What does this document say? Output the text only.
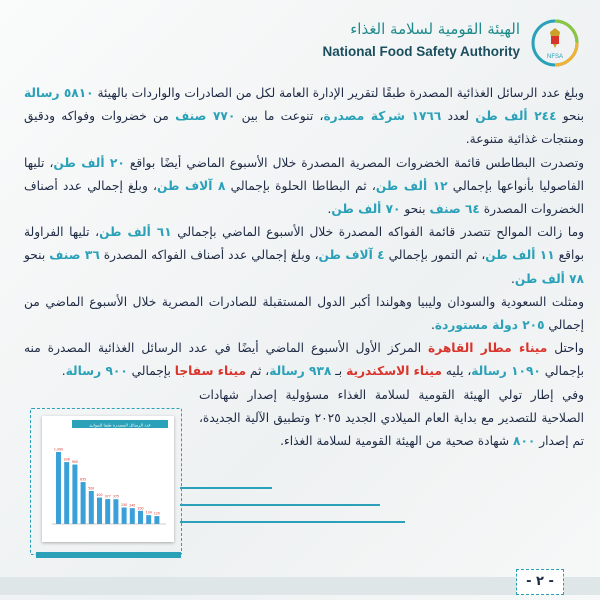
الهيئة القومية لسلامة الغذاء
National Food Safety Authority	NFSA

وبلغ عدد الرسائل الغذائية المصدرة طبقًا لتقرير الإدارة العامة لكل من الصادرات والواردات بالهيئة ٥٨١٠ رسالة بنحو ٢٤٤ ألف طن لعدد ١٧٦٦ شركة مصدرة، تنوعت ما بين ٧٧٠ صنف من خضروات وفواكه ودقيق ومنتجات غذائية متنوعة.

وتصدرت البطاطس قائمة الخضروات المصرية المصدرة خلال الأسبوع الماضي أيضًا بواقع ٢٠ ألف طن، تليها الفاصوليا بأنواعها بإجمالي ١٢ ألف طن، ثم البطاطا الحلوة بإجمالي ٨ آلاف طن، وبلغ إجمالي عدد أصناف الخضروات المصدرة ٦٤ صنف بنحو ٧٠ ألف طن.

وما زالت الموالح تتصدر قائمة الفواكه المصدرة خلال الأسبوع الماضي بإجمالي ٦١ ألف طن، تليها الفراولة بواقع ١١ ألف طن، ثم التمور بإجمالي ٤ آلاف طن، وبلغ إجمالي عدد أصناف الفواكه المصدرة ٣٦ صنف بنحو ٧٨ ألف طن.

ومثلت السعودية والسودان وليبيا وهولندا أكبر الدول المستقبلة للصادرات المصرية خلال الأسبوع الماضي من إجمالي ٢٠٥ دولة مستوردة.

واحتل ميناء مطار القاهرة المركز الأول الأسبوع الماضي أيضًا في عدد الرسائل الغذائية المصدرة منه بإجمالي ١٠٩٠ رسالة، يليه ميناء الاسكندرية بـ ٩٣٨ رسالة، ثم ميناء سفاجا بإجمالي ٩٠٠ رسالة.

وفي إطار تولي الهيئة القومية لسلامة الغذاء مسؤولية إصدار شهادات الصلاحية للتصدير مع بداية العام الميلادي الجديد ٢٠٢٥ وتطبيق الآلية الجديدة، تم إصدار ٨٠٠ شهادة صحية من الهيئة القومية لسلامة الغذاء.

عدد الرسائل المصدرة طبقا للموانئ
1,090
938
900
635
500
400 377 375
250 240
200
134 120
- ٢ -
